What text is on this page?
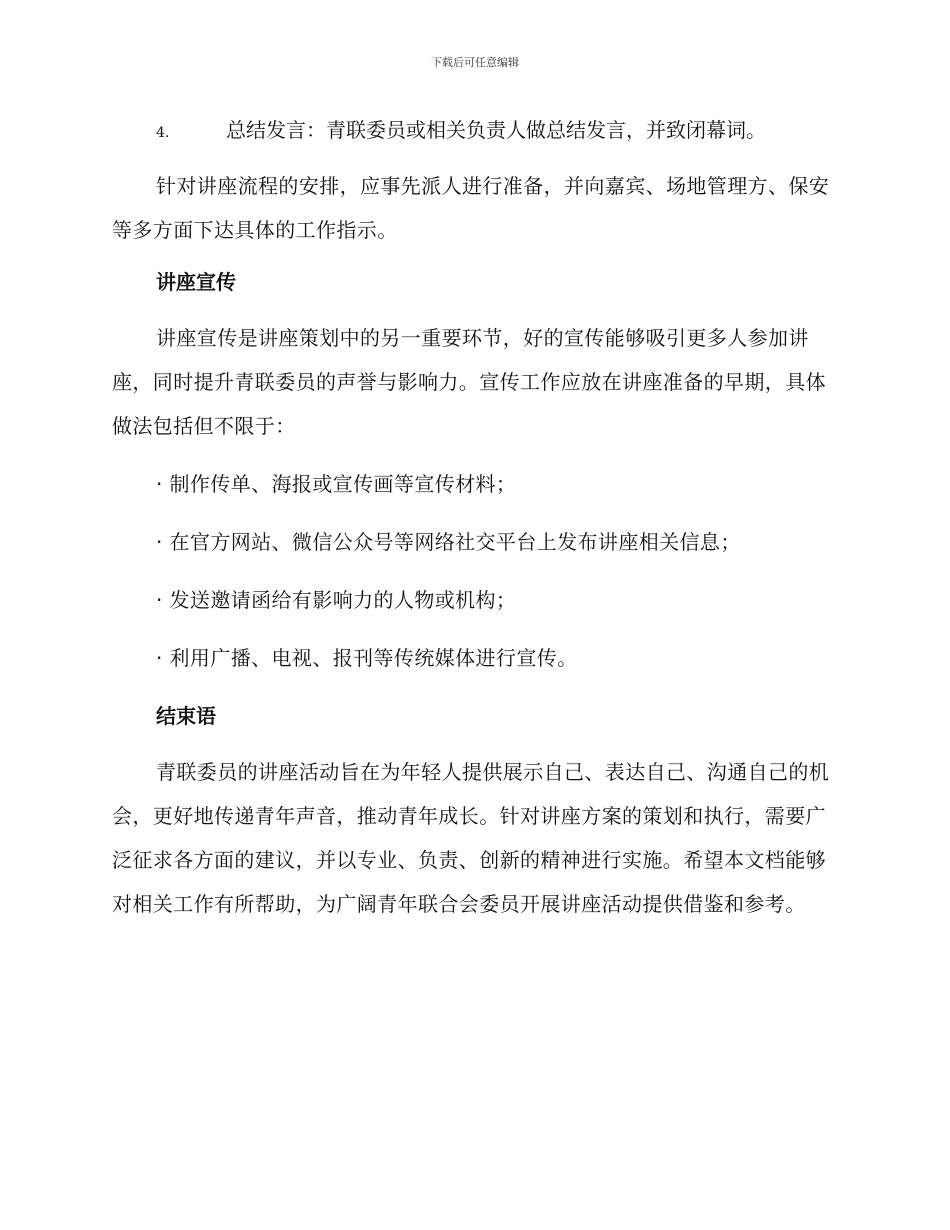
下载后可任意编辑
4.	总结发言：青联委员或相关负责人做总结发言，并致闭幕词。

针对讲座流程的安排，应事先派人进行准备，并向嘉宾、场地管理方、保安等多方面下达具体的工作指示。

讲座宣传

讲座宣传是讲座策划中的另一重要环节，好的宣传能够吸引更多人参加讲座，同时提升青联委员的声誉与影响力。宣传工作应放在讲座准备的早期，具体做法包括但不限于：

· 制作传单、海报或宣传画等宣传材料；

· 在官方网站、微信公众号等网络社交平台上发布讲座相关信息；

· 发送邀请函给有影响力的人物或机构；

· 利用广播、电视、报刊等传统媒体进行宣传。

结束语

青联委员的讲座活动旨在为年轻人提供展示自己、表达自己、沟通自己的机会，更好地传递青年声音，推动青年成长。针对讲座方案的策划和执行，需要广泛征求各方面的建议，并以专业、负责、创新的精神进行实施。希望本文档能够对相关工作有所帮助，为广阔青年联合会委员开展讲座活动提供借鉴和参考。
